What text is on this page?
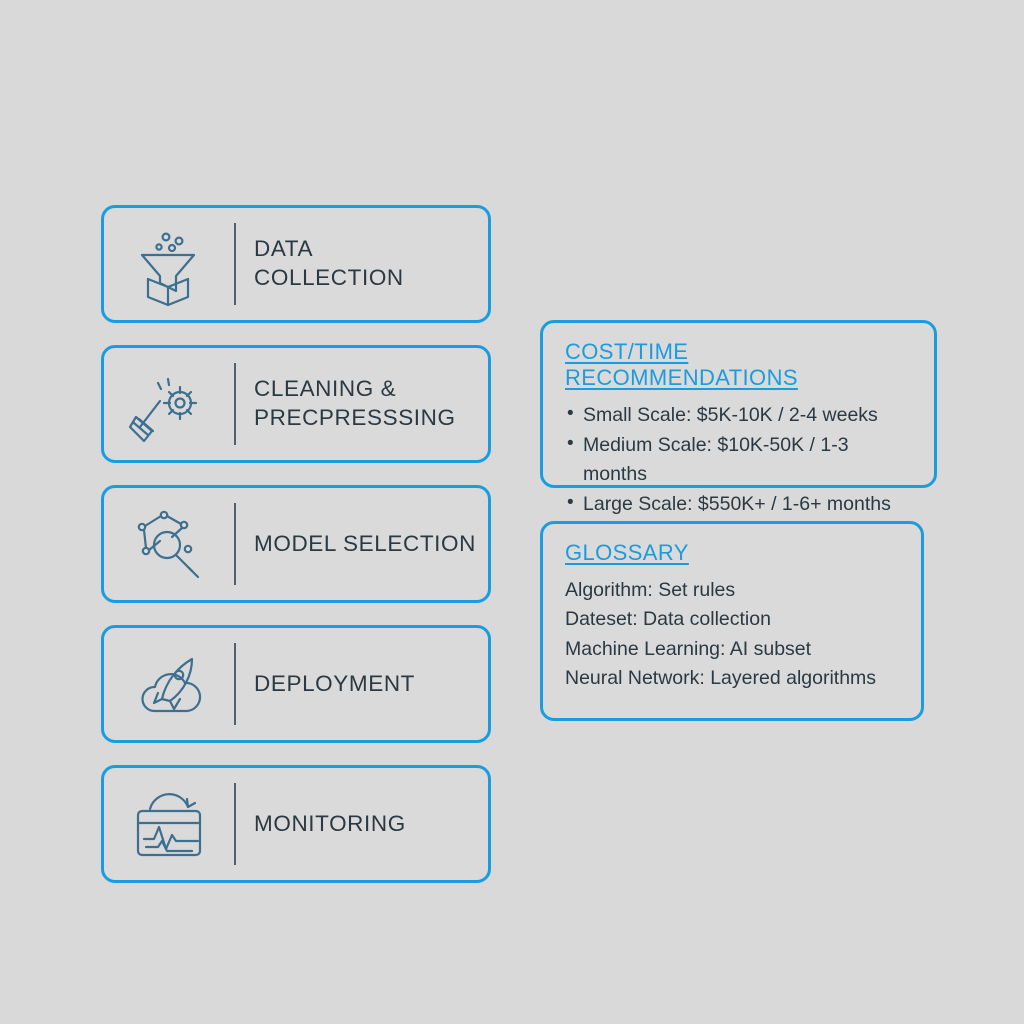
DATA
COLLECTION
CLEANING &
PRECPRESSSING
MODEL SELECTION
DEPLOYMENT
MONITORING
COST/TIME RECOMMENDATIONS
• Small Scale: $5K-10K / 2-4 weeks
• Medium Scale: $10K-50K / 1-3 months
• Large Scale: $550K+ / 1-6+ months
GLOSSARY
Algorithm: Set rules
Dateset: Data collection
Machine Learning: AI subset
Neural Network: Layered algorithms
